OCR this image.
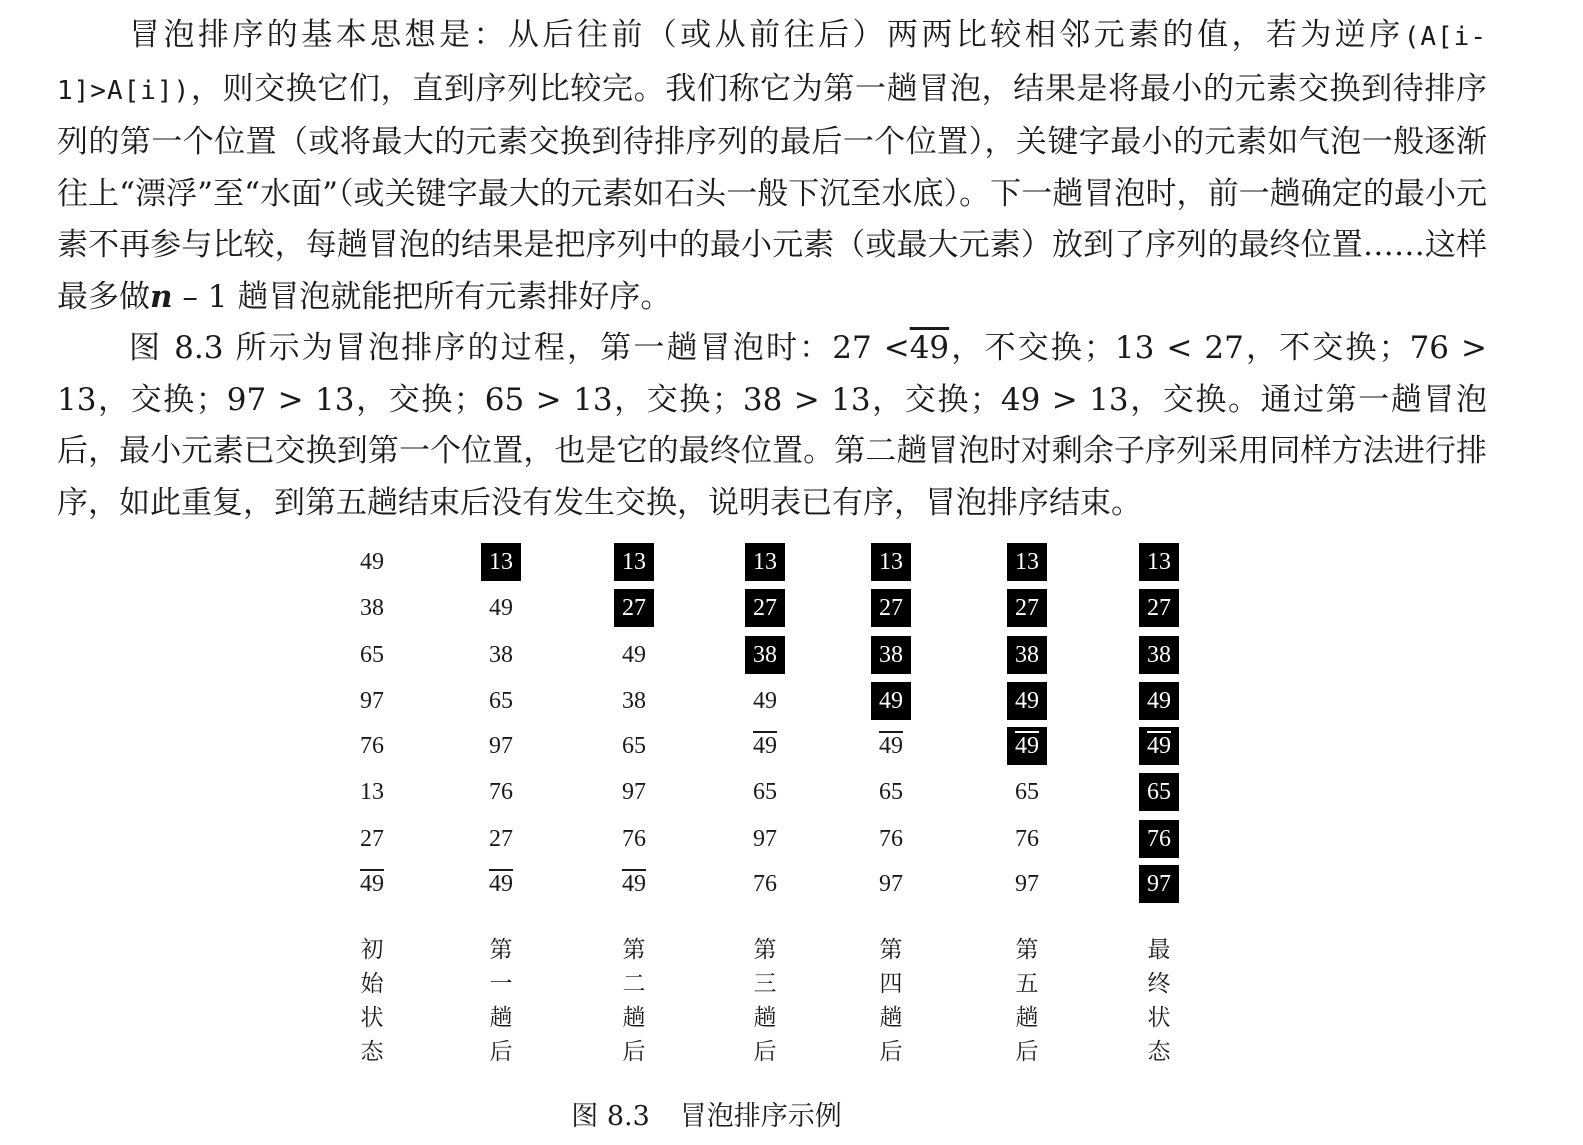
冒泡排序的基本思想是：从后往前（或从前往后）两两比较相邻元素的值，若为逆序(A[i-1]>A[i])，则交换它们，直到序列比较完。我们称它为第一趟冒泡，结果是将最小的元素交换到待排序列的第一个位置（或将最大的元素交换到待排序列的最后一个位置），关键字最小的元素如气泡一般逐渐往上“漂浮”至“水面”（或关键字最大的元素如石头一般下沉至水底）。下一趟冒泡时，前一趟确定的最小元素不再参与比较，每趟冒泡的结果是把序列中的最小元素（或最大元素）放到了序列的最终位置……这样最多做n – 1 趟冒泡就能把所有元素排好序。

图 8.3 所示为冒泡排序的过程，第一趟冒泡时：27 <49，不交换；13 < 27，不交换；76 > 13，交换；97 > 13，交换；65 > 13，交换；38 > 13，交换；49 > 13，交换。通过第一趟冒泡后，最小元素已交换到第一个位置，也是它的最终位置。第二趟冒泡时对剩余子序列采用同样方法进行排序，如此重复，到第五趟结束后没有发生交换，说明表已有序，冒泡排序结束。

49
38
65
97
76
13
27
49
初
始
状
态
13
49
38
65
97
76
27
49
第
一
趟
后
13
27
49
38
65
97
76
49
第
二
趟
后
13
27
38
49
49
65
97
76
第
三
趟
后
13
27
38
49
49
65
76
97
第
四
趟
后
13
27
38
49
49
65
76
97
第
五
趟
后
13
27
38
49
49
65
76
97
最
终
状
态
图 8.3 冒泡排序示例
